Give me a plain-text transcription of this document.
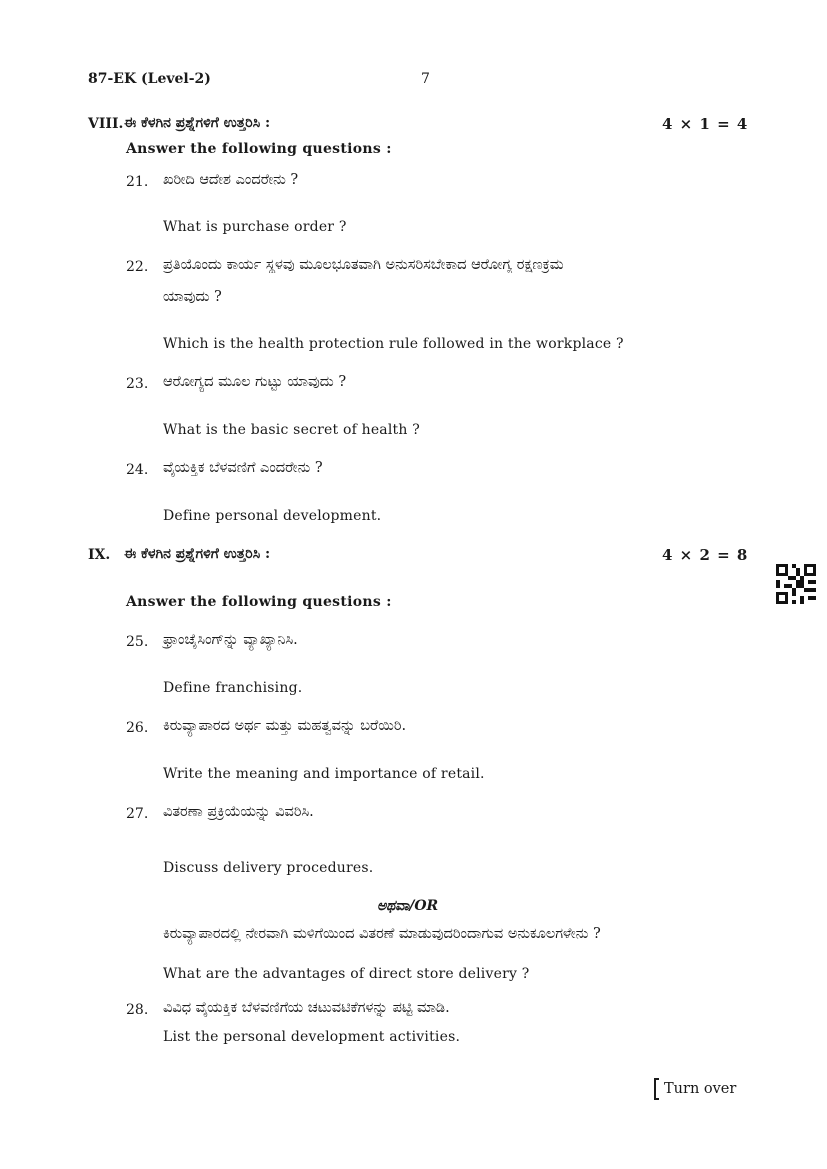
87-EK (Level-2)	7
VIII. ಈ ಕೆಳಗಿನ ಪ್ರಶ್ನೆಗಳಿಗೆ ಉತ್ತರಿಸಿ :	4 × 1 = 4
Answer the following questions :
21. ಖರೀದಿ ಆದೇಶ ಎಂದರೇನು ?
What is purchase order ?
22. ಪ್ರತಿಯೊಂದು ಕಾರ್ಯ ಸ್ಥಳವು ಮೂಲಭೂತವಾಗಿ ಅನುಸರಿಸಬೇಕಾದ ಆರೋಗ್ಯ ರಕ್ಷಣಕ್ರಮ
ಯಾವುದು ?
Which is the health protection rule followed in the workplace ?
23. ಆರೋಗ್ಯದ ಮೂಲ ಗುಟ್ಟು ಯಾವುದು ?
What is the basic secret of health ?
24. ವೈಯಕ್ತಿಕ ಬೆಳವಣಿಗೆ ಎಂದರೇನು ?
Define personal development.
IX. ಈ ಕೆಳಗಿನ ಪ್ರಶ್ನೆಗಳಿಗೆ ಉತ್ತರಿಸಿ :	4 × 2 = 8
Answer the following questions :
25. ಫ್ರಾಂಚೈಸಿಂಗ್‌ನ್ನು ವ್ಯಾಖ್ಯಾನಿಸಿ.
Define franchising.
26. ಕಿರುವ್ಯಾಪಾರದ ಅರ್ಥ ಮತ್ತು ಮಹತ್ವವನ್ನು ಬರೆಯಿರಿ.
Write the meaning and importance of retail.
27. ವಿತರಣಾ ಪ್ರಕ್ರಿಯೆಯನ್ನು ವಿವರಿಸಿ.
Discuss delivery procedures.
ಅಥವಾ/OR
ಕಿರುವ್ಯಾಪಾರದಲ್ಲಿ ನೇರವಾಗಿ ಮಳಿಗೆಯಿಂದ ವಿತರಣೆ ಮಾಡುವುದರಿಂದಾಗುವ ಅನುಕೂಲಗಳೇನು ?
What are the advantages of direct store delivery ?
28. ವಿವಿಧ ವೈಯಕ್ತಿಕ ಬೆಳವಣಿಗೆಯ ಚಟುವಟಿಕೆಗಳನ್ನು ಪಟ್ಟಿ ಮಾಡಿ.
List the personal development activities.
Turn over
